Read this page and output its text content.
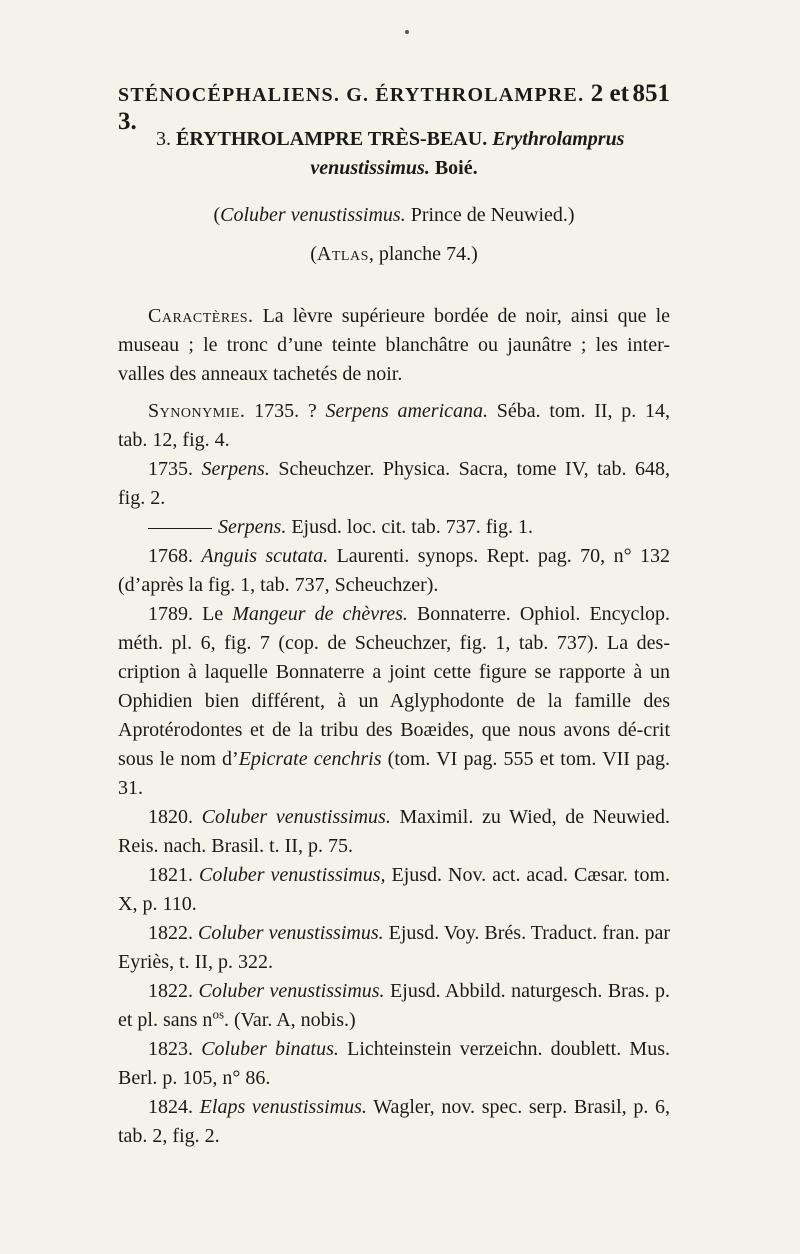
STÉNOCÉPHALIENS. G. ÉRYTHROLAMPRE. 2 et 3.
851

3. ÉRYTHROLAMPRE TRÈS-BEAU. Erythrolamprus

venustissimus. Boié.

(Coluber venustissimus. Prince de Neuwied.)

(Atlas, planche 74.)

Caractères. La lèvre supérieure bordée de noir, ainsi que le museau ; le tronc d’une teinte blanchâtre ou jaunâtre ; les inter-valles des anneaux tachetés de noir.

Synonymie. 1735. ? Serpens americana. Séba. tom. II, p. 14, tab. 12, fig. 4.

1735. Serpens. Scheuchzer. Physica. Sacra, tome IV, tab. 648, fig. 2.

Serpens. Ejusd. loc. cit. tab. 737. fig. 1.

1768. Anguis scutata. Laurenti. synops. Rept. pag. 70, n° 132 (d’après la fig. 1, tab. 737, Scheuchzer).

1789. Le Mangeur de chèvres. Bonnaterre. Ophiol. Encyclop. méth. pl. 6, fig. 7 (cop. de Scheuchzer, fig. 1, tab. 737). La des-cription à laquelle Bonnaterre a joint cette figure se rapporte à un Ophidien bien différent, à un Aglyphodonte de la famille des Aprotérodontes et de la tribu des Boæides, que nous avons dé-crit sous le nom d’Epicrate cenchris (tom. VI pag. 555 et tom. VII pag. 31.

1820. Coluber venustissimus. Maximil. zu Wied, de Neuwied. Reis. nach. Brasil. t. II, p. 75.

1821. Coluber venustissimus, Ejusd. Nov. act. acad. Cæsar. tom. X, p. 110.

1822. Coluber venustissimus. Ejusd. Voy. Brés. Traduct. fran. par Eyriès, t. II, p. 322.

1822. Coluber venustissimus. Ejusd. Abbild. naturgesch. Bras. p. et pl. sans $n^{os}$. (Var. A, nobis.)

1823. Coluber binatus. Lichteinstein verzeichn. doublett. Mus. Berl. p. 105, n° 86.

1824. Elaps venustissimus. Wagler, nov. spec. serp. Brasil, p. 6, tab. 2, fig. 2.
